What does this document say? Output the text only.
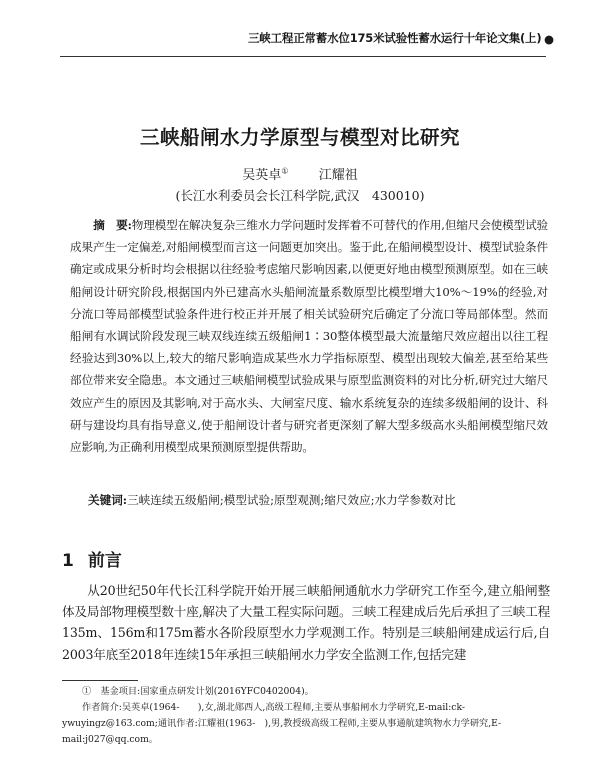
三峡工程正常蓄水位175米试验性蓄水运行十年论文集(上) ●
三峡船闸水力学原型与模型对比研究
吴英卓① 江耀祖
(长江水利委员会长江科学院,武汉　430010)
摘　要:物理模型在解决复杂三维水力学问题时发挥着不可替代的作用,但缩尺会使模型试验成果产生一定偏差,对船闸模型而言这一问题更加突出。鉴于此,在船闸模型设计、模型试验条件确定或成果分析时均会根据以往经验考虑缩尺影响因素,以便更好地由模型预测原型。如在三峡船闸设计研究阶段,根据国内外已建高水头船闸流量系数原型比模型增大10%～19%的经验,对分流口等局部模型试验条件进行校正并开展了相关试验研究后确定了分流口等局部体型。然而船闸有水调试阶段发现三峡双线连续五级船闸1∶30整体模型最大流量缩尺效应超出以往工程经验达到30%以上,较大的缩尺影响造成某些水力学指标原型、模型出现较大偏差,甚至给某些部位带来安全隐患。本文通过三峡船闸模型试验成果与原型监测资料的对比分析,研究过大缩尺效应产生的原因及其影响,对于高水头、大闸室尺度、输水系统复杂的连续多级船闸的设计、科研与建设均具有指导意义,使于船闸设计者与研究者更深刻了解大型多级高水头船闸模型缩尺效应影响,为正确利用模型成果预测原型提供帮助。
关键词:三峡连续五级船闸;模型试验;原型观测;缩尺效应;水力学参数对比
1 前言
从20世纪50年代长江科学院开始开展三峡船闸通航水力学研究工作至今,建立船闸整体及局部物理模型数十座,解决了大量工程实际问题。三峡工程建成后先后承担了三峡工程135m、156m和175m蓄水各阶段原型水力学观测工作。特别是三峡船闸建成运行后,自2003年底至2018年连续15年承担三峡船闸水力学安全监测工作,包括完建

①　基金项目:国家重点研发计划(2016YFC0402004)。

作者简介:吴英卓(1964-　　),女,湖北郧西人,高级工程师,主要从事船闸水力学研究,E-mail:ck-ywuyingz@163.com;通讯作者:江耀祖(1963-　),男,教授级高级工程师,主要从事通航建筑物水力学研究,E-mail:j027@qq.com。
